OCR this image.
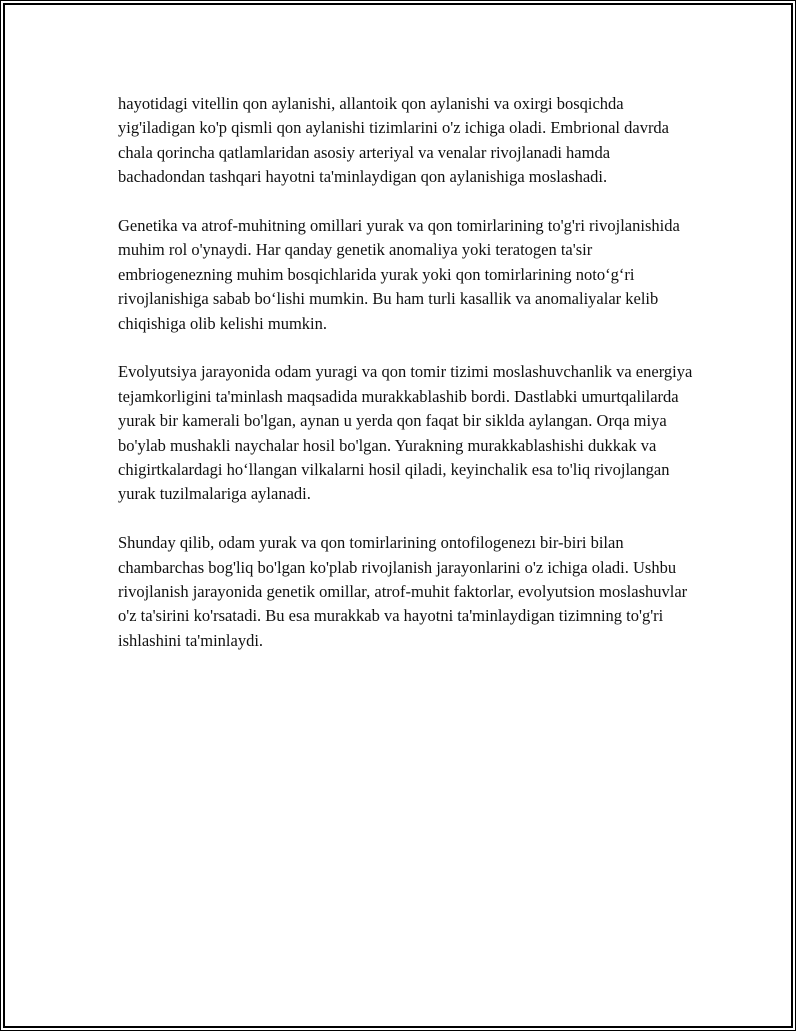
hayotidagi vitellin qon aylanishi, allantoik qon aylanishi va oxirgi bosqichda yig'iladigan ko'p qismli qon aylanishi tizimlarini o'z ichiga oladi. Embrional davrda chala qorincha qatlamlaridan asosiy arteriyal va venalar rivojlanadi hamda bachadondan tashqari hayotni ta'minlaydigan qon aylanishiga moslashadi.

Genetika va atrof-muhitning omillari yurak va qon tomirlarining to'g'ri rivojlanishida muhim rol o'ynaydi. Har qanday genetik anomaliya yoki teratogen ta'sir embriogenezning muhim bosqichlarida yurak yoki qon tomirlarining noto‘g‘ri rivojlanishiga sabab bo‘lishi mumkin. Bu ham turli kasallik va anomaliyalar kelib chiqishiga olib kelishi mumkin.

Evolyutsiya jarayonida odam yuragi va qon tomir tizimi moslashuvchanlik va energiya tejamkorligini ta'minlash maqsadida murakkablashib bordi. Dastlabki umurtqalilarda yurak bir kamerali bo'lgan, aynan u yerda qon faqat bir siklda aylangan. Orqa miya bo'ylab mushakli naychalar hosil bo'lgan. Yurakning murakkablashishi dukkak va chigirtkalardagi ho‘llangan vilkalarni hosil qiladi, keyinchalik esa to'liq rivojlangan yurak tuzilmalariga aylanadi.

Shunday qilib, odam yurak va qon tomirlarining ontofilogenezı bir-biri bilan chambarchas bog'liq bo'lgan ko'plab rivojlanish jarayonlarini o'z ichiga oladi. Ushbu rivojlanish jarayonida genetik omillar, atrof-muhit faktorlar, evolyutsion moslashuvlar o'z ta'sirini ko'rsatadi. Bu esa murakkab va hayotni ta'minlaydigan tizimning to'g'ri ishlashini ta'minlaydi.
